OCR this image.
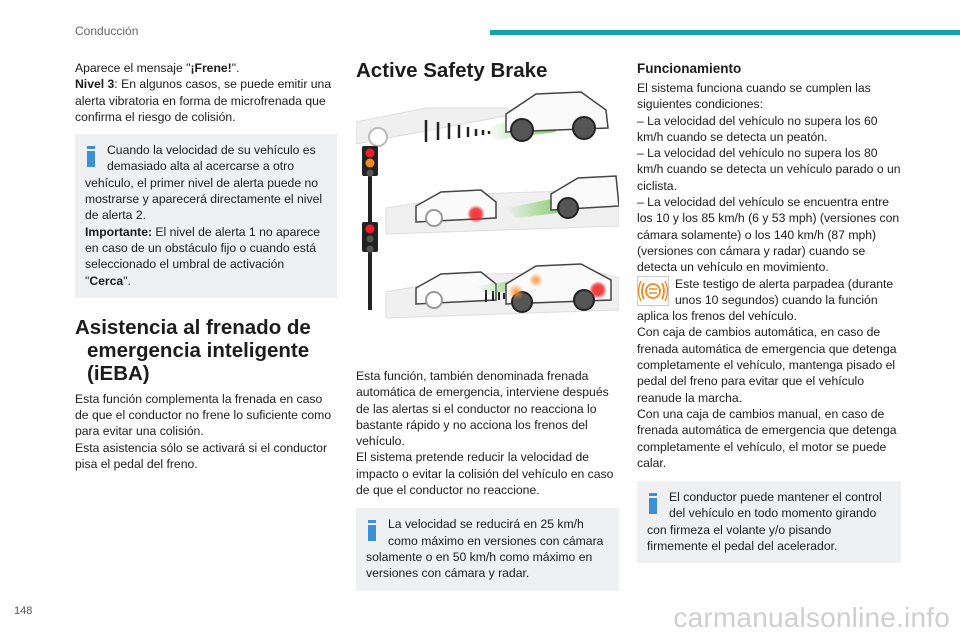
Conducción

Aparece el mensaje "¡Frene!".
Nivel 3: En algunos casos, se puede emitir una alerta vibratoria en forma de microfrenada que confirma el riesgo de colisión.

Cuando la velocidad de su vehículo es demasiado alta al acercarse a otro

vehículo, el primer nivel de alerta puede no mostrarse y aparecerá directamente el nivel de alerta 2.

Importante: El nivel de alerta 1 no aparece en caso de un obstáculo fijo o cuando está seleccionado el umbral de activación "Cerca".

Asistencia al frenado de
emergencia inteligente
(iEBA)

Esta función complementa la frenada en caso de que el conductor no frene lo suficiente como para evitar una colisión.

Esta asistencia sólo se activará si el conductor pisa el pedal del freno.

Active Safety Brake

Esta función, también denominada frenada automática de emergencia, interviene después de las alertas si el conductor no reacciona lo bastante rápido y no acciona los frenos del vehículo.

El sistema pretende reducir la velocidad de impacto o evitar la colisión del vehículo en caso de que el conductor no reaccione.

La velocidad se reducirá en 25 km/h como máximo en versiones con cámara

solamente o en 50 km/h como máximo en versiones con cámara y radar.

Funcionamiento

El sistema funciona cuando se cumplen las siguientes condiciones:

– La velocidad del vehículo no supera los 60 km/h cuando se detecta un peatón.

– La velocidad del vehículo no supera los 80 km/h cuando se detecta un vehículo parado o un ciclista.

– La velocidad del vehículo se encuentra entre los 10 y los 85 km/h (6 y 53 mph) (versiones con cámara solamente) o los 140 km/h (87 mph) (versiones con cámara y radar) cuando se detecta un vehículo en movimiento.

Este testigo de alerta parpadea (durante unos 10 segundos) cuando la función

aplica los frenos del vehículo.

Con caja de cambios automática, en caso de frenada automática de emergencia que detenga completamente el vehículo, mantenga pisado el pedal del freno para evitar que el vehículo reanude la marcha.

Con una caja de cambios manual, en caso de frenada automática de emergencia que detenga completamente el vehículo, el motor se puede calar.

El conductor puede mantener el control del vehículo en todo momento girando

con firmeza el volante y/o pisando firmemente el pedal del acelerador.

148	carmanualsonline.info
